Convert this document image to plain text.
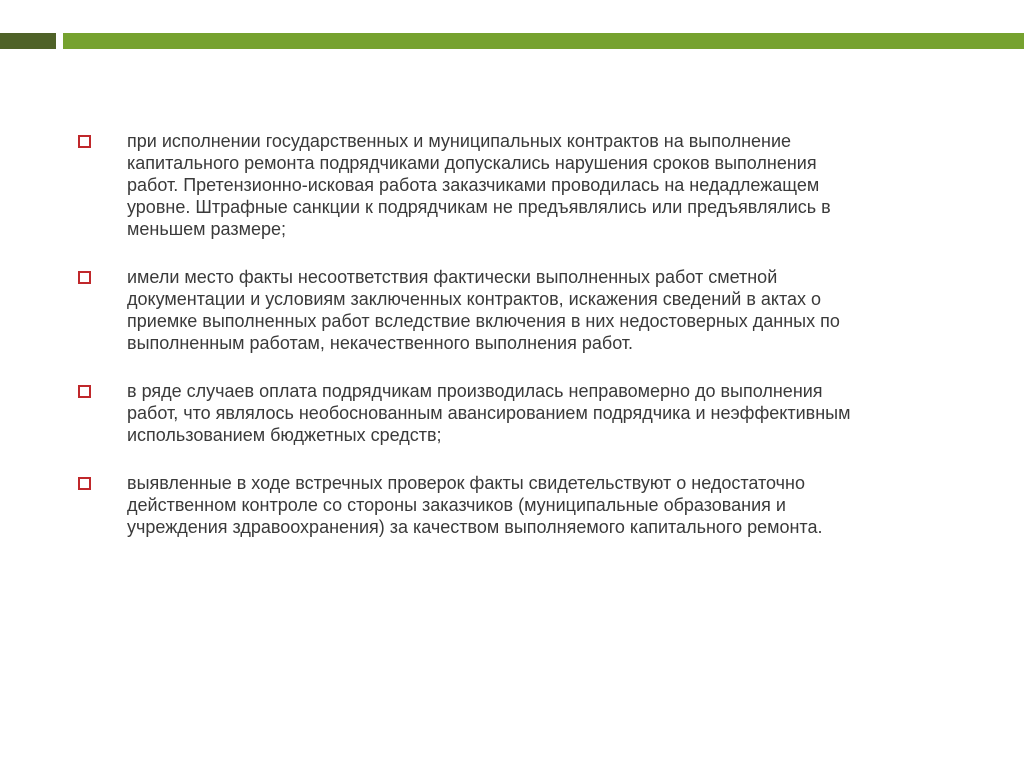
при исполнении государственных и муниципальных контрактов на выполнение
капитального ремонта подрядчиками допускались нарушения сроков выполнения
работ. Претензионно-исковая работа заказчиками проводилась на недадлежащем
уровне. Штрафные санкции к подрядчикам не предъявлялись или предъявлялись в
меньшем размере;
имели место факты несоответствия фактически выполненных работ сметной
документации и условиям заключенных контрактов, искажения сведений в актах о
приемке выполненных работ вследствие включения в них недостоверных данных по
выполненным работам, некачественного выполнения работ.
в ряде случаев оплата подрядчикам производилась неправомерно до выполнения
работ, что являлось необоснованным авансированием подрядчика и неэффективным
использованием бюджетных средств;
выявленные в ходе встречных проверок факты свидетельствуют о недостаточно
действенном контроле со стороны заказчиков (муниципальные образования и
учреждения здравоохранения) за качеством выполняемого капитального ремонта.
